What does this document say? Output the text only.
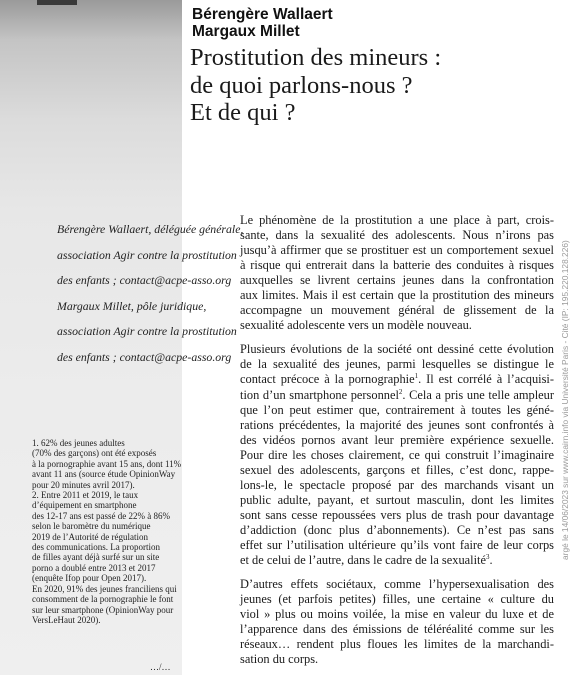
Bérengère Wallaert
Margaux Millet
Prostitution des mineurs :
de quoi parlons-nous ?
Et de qui ?
Bérengère Wallaert, déléguée générale,
association Agir contre la prostitution
des enfants ; contact@acpe-asso.org
Margaux Millet, pôle juridique,
association Agir contre la prostitution
des enfants ; contact@acpe-asso.org
1. 62% des jeunes adultes
(70% des garçons) ont été exposés
à la pornographie avant 15 ans, dont 11%
avant 11 ans (source étude OpinionWay
pour 20 minutes avril 2017).
2. Entre 2011 et 2019, le taux
d’équipement en smartphone
des 12-17 ans est passé de 22% à 86%
selon le baromètre du numérique
2019 de l’Autorité de régulation
des communications. La proportion
de filles ayant déjà surfé sur un site
porno a doublé entre 2013 et 2017
(enquête Ifop pour Open 2017).
En 2020, 91% des jeunes franciliens qui
consomment de la pornographie le font
sur leur smartphone (OpinionWay pour
VersLeHaut 2020).
…/…

Le phénomène de la prostitution a une place à part, crois-
sante, dans la sexualité des adolescents. Nous n’irons pas
jusqu’à affirmer que se prostituer est un comportement sexuel
à risque qui entrerait dans la batterie des conduites à risques
auxquelles se livrent certains jeunes dans la confrontation
aux limites. Mais il est certain que la prostitution des mineurs
accompagne un mouvement général de glissement de la
sexualité adolescente vers un modèle nouveau.

Plusieurs évolutions de la société ont dessiné cette évolution
de la sexualité des jeunes, parmi lesquelles se distingue le
contact précoce à la pornographie$^1$. Il est corrélé à l’acquisi-
tion d’un smartphone personnel$^2$. Cela a pris une telle ampleur
que l’on peut estimer que, contrairement à toutes les géné-
rations précédentes, la majorité des jeunes sont confrontés à
des vidéos pornos avant leur première expérience sexuelle.
Pour dire les choses clairement, ce qui construit l’imaginaire
sexuel des adolescents, garçons et filles, c’est donc, rappe-
lons-le, le spectacle proposé par des marchands visant un
public adulte, payant, et surtout masculin, dont les limites
sont sans cesse repoussées vers plus de trash pour davantage
d’addiction (donc plus d’abonnements). Ce n’est pas sans
effet sur l’utilisation ultérieure qu’ils vont faire de leur corps
et de celui de l’autre, dans le cadre de la sexualité$^3$.

D’autres effets sociétaux, comme l’hypersexualisation des
jeunes (et parfois petites) filles, une certaine « culture du
viol » plus ou moins voilée, la mise en valeur du luxe et de
l’apparence dans des émissions de téléréalité comme sur les
réseaux… rendent plus floues les limites de la marchandi-
sation du corps.

argé le 14/06/2023 sur www.cairn.info via Université Paris - Cité (IP: 195.220.128.226)
